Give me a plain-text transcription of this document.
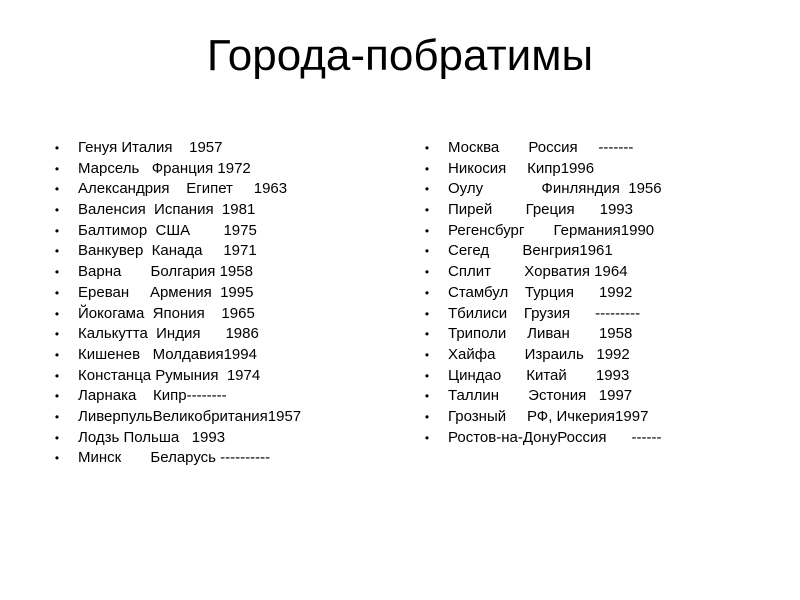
Города-побратимы
• Генуя Италия    1957
• Марсель   Франция 1972
• Александрия    Египет     1963
• Валенсия  Испания  1981
• Балтимор  США        1975
• Ванкувер  Канада     1971
• Варна       Болгария 1958
• Ереван     Армения  1995
• Йокогама  Япония    1965
• Калькутта  Индия      1986
• Кишенев   Молдавия1994
• Констанца Румыния  1974
• Ларнака    Кипр--------
• ЛиверпульВеликобритания1957
• Лодзь Польша   1993
• Минск       Беларусь ----------
• Москва       Россия     -------
• Никосия     Кипр1996
• Оулу              Финляндия  1956
• Пирей        Греция      1993
• Регенсбург       Германия1990
• Сегед        Венгрия1961
• Сплит        Хорватия 1964
• Стамбул    Турция      1992
• Тбилиси    Грузия      ---------
• Триполи     Ливан       1958
• Хайфа       Израиль   1992
• Циндао      Китай       1993
• Таллин       Эстония   1997
• Грозный     РФ, Ичкерия1997
• Ростов-на-ДонуРоссия      ------
